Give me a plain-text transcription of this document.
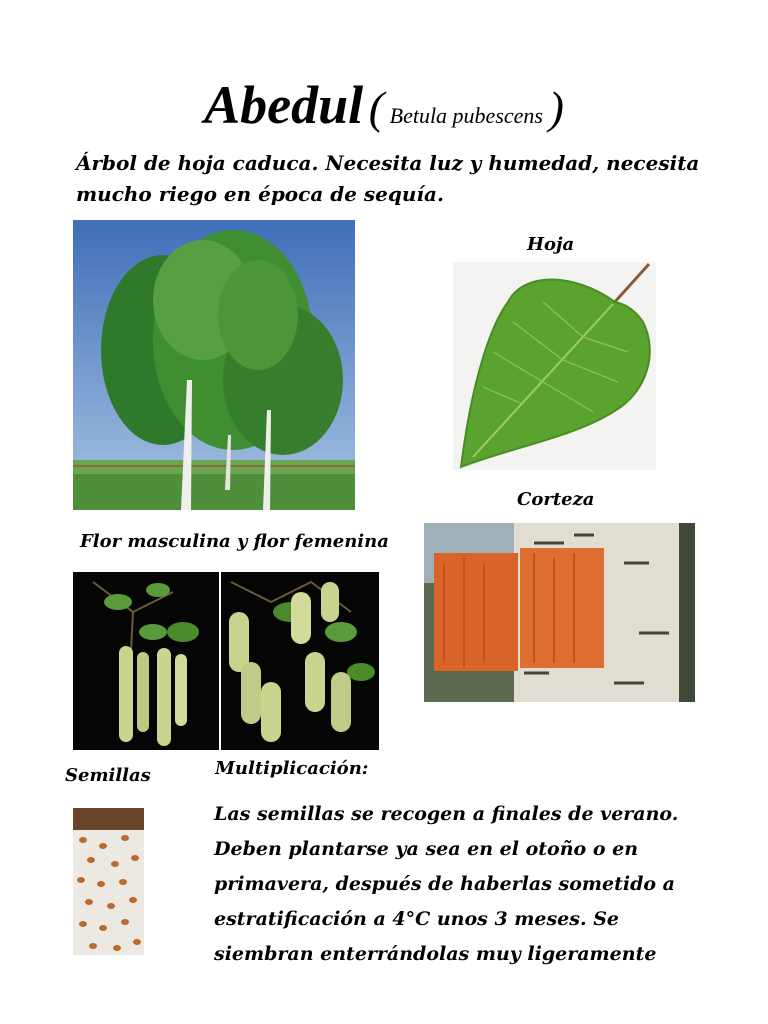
Abedul ( Betula pubescens )
Árbol de hoja caduca. Necesita luz y humedad, necesita mucho riego en época de sequía.
Hoja
Corteza
Flor masculina y flor femenina
Semillas	Multiplicación:
Las semillas se recogen a finales de verano. Deben plantarse ya sea en el otoño o en primavera, después de haberlas sometido a estratificación a 4°C unos 3 meses. Se siembran enterrándolas muy ligeramente
